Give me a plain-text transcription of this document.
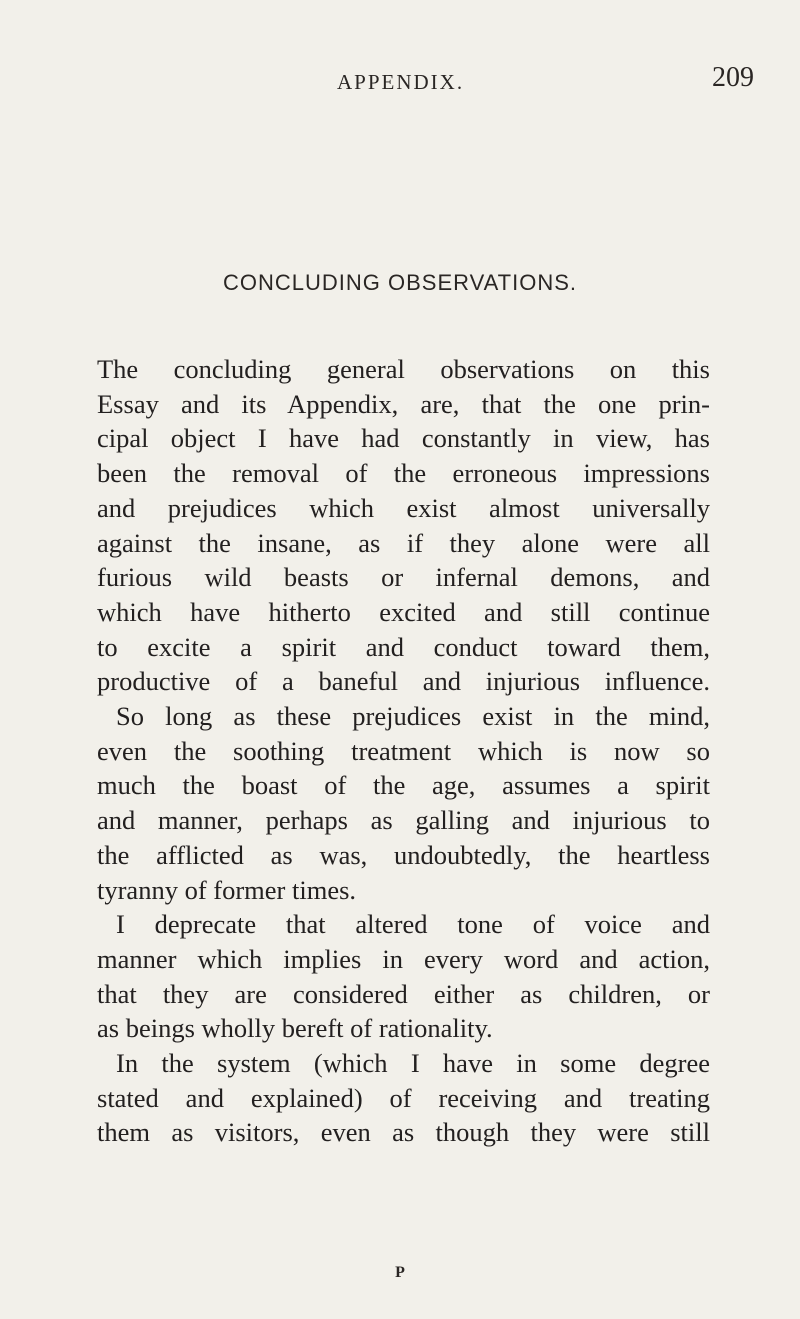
APPENDIX.	209
CONCLUDING OBSERVATIONS.
The concluding general observations on this
Essay and its Appendix, are, that the one prin-
cipal object I have had constantly in view, has
been the removal of the erroneous impressions
and prejudices which exist almost universally
against the insane, as if they alone were all
furious wild beasts or infernal demons, and
which have hitherto excited and still continue
to excite a spirit and conduct toward them,
productive of a baneful and injurious influence.
So long as these prejudices exist in the mind,
even the soothing treatment which is now so
much the boast of the age, assumes a spirit
and manner, perhaps as galling and injurious to
the afflicted as was, undoubtedly, the heartless
tyranny of former times.
I deprecate that altered tone of voice and
manner which implies in every word and action,
that they are considered either as children, or
as beings wholly bereft of rationality.
In the system (which I have in some degree
stated and explained) of receiving and treating
them as visitors, even as though they were still
P
